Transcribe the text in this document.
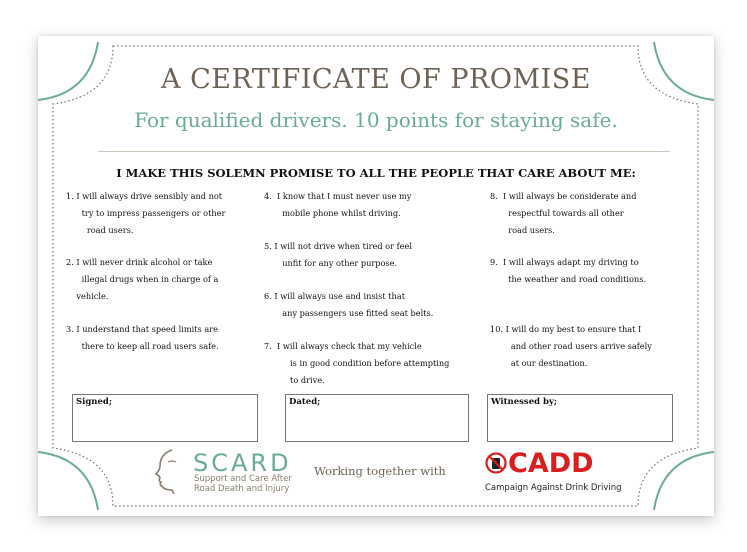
A CERTIFICATE OF PROMISE
For qualified drivers. 10 points for staying safe.
I MAKE THIS SOLEMN PROMISE TO ALL THE PEOPLE THAT CARE ABOUT ME:
1. I will always drive sensibly and not
try to impress passengers or other
road users.
2. I will never drink alcohol or take
illegal drugs when in charge of a
vehicle.
3. I understand that speed limits are
there to keep all road users safe.
4.  I know that I must never use my
mobile phone whilst driving.
5. I will not drive when tired or feel
unfit for any other purpose.
6. I will always use and insist that
any passengers use fitted seat belts.
7.  I will always check that my vehicle
is in good condition before attempting
to drive.
8.  I will always be considerate and
respectful towards all other
road users.
9.  I will always adapt my driving to
the weather and road conditions.
10. I will do my best to ensure that I
and other road users arrive safely
at our destination.
Signed;	Dated;	Witnessed by;
SCARD
Support and Care After
Road Death and Injury
Working together with CADD
Campaign Against Drink Driving
